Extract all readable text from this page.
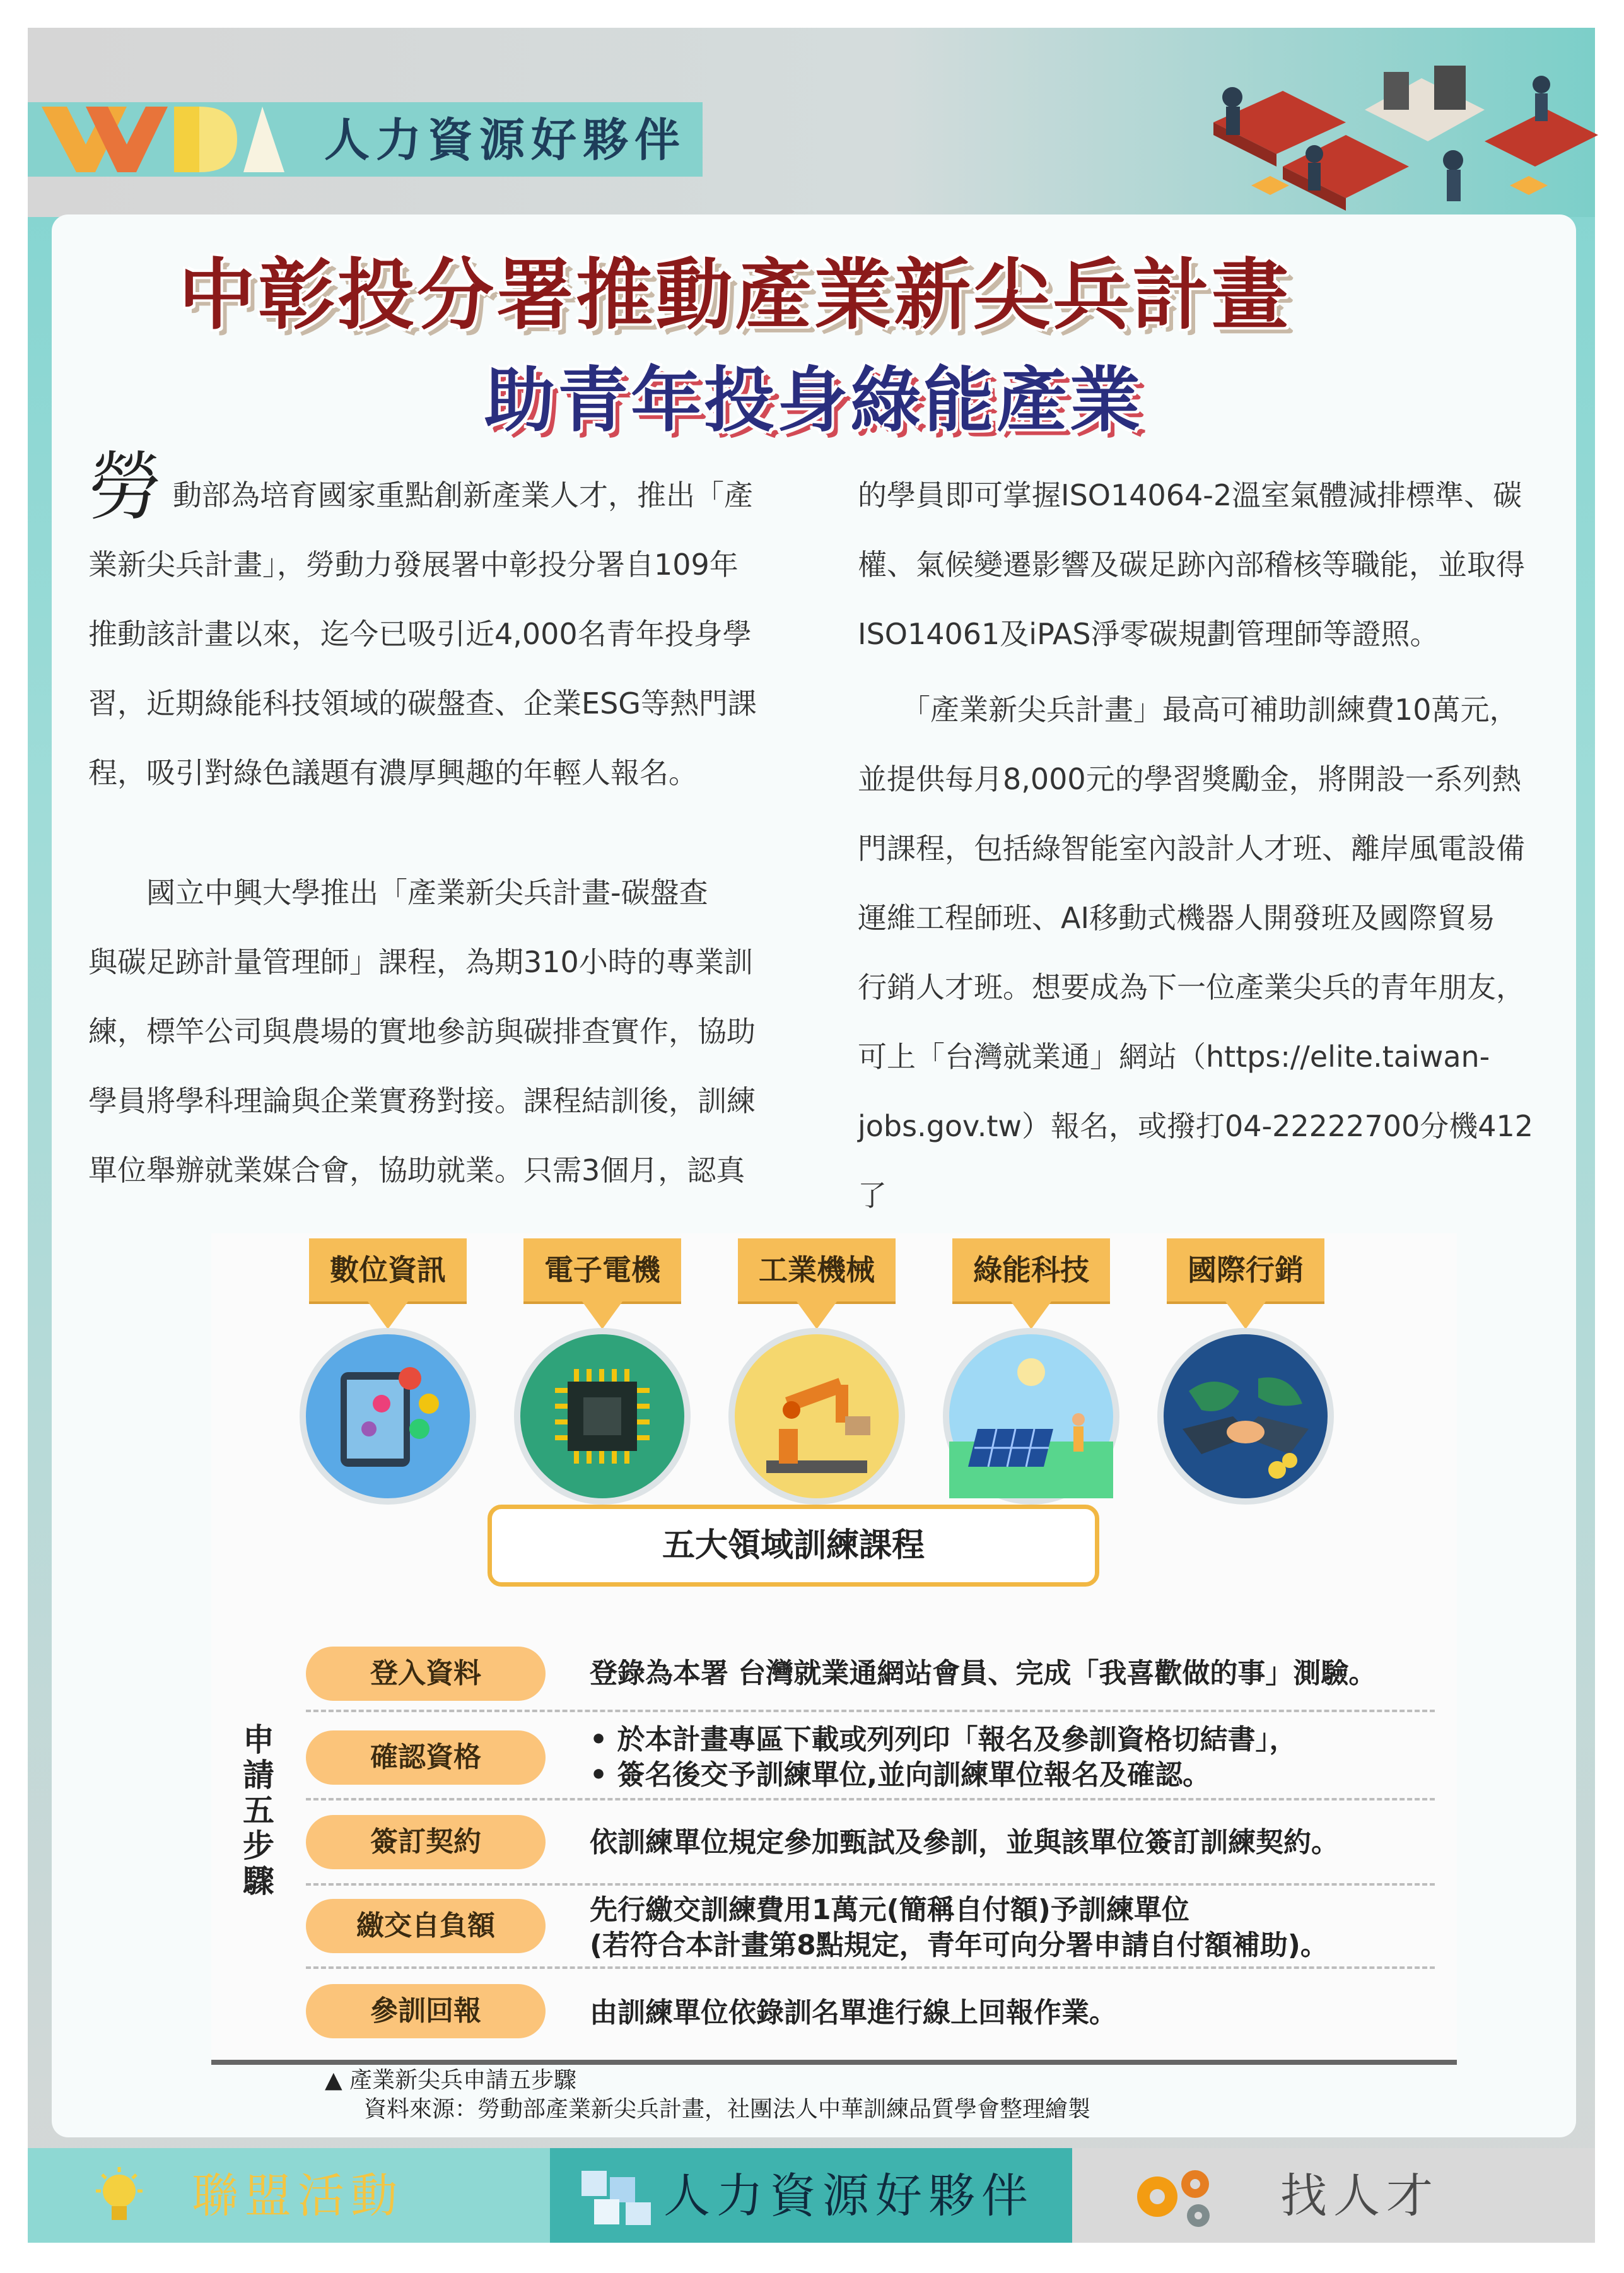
人力資源好夥伴
中彰投分署推動產業新尖兵計畫
助青年投身綠能產業

勞 動部為培育國家重點創新產業人才，推出「產
業新尖兵計畫」，勞動力發展署中彰投分署自109年
推動該計畫以來，迄今已吸引近4,000名青年投身學
習，近期綠能科技領域的碳盤查、企業ESG等熱門課
程，吸引對綠色議題有濃厚興趣的年輕人報名。

國立中興大學推出「產業新尖兵計畫-碳盤查
與碳足跡計量管理師」課程，為期310小時的專業訓
練，標竿公司與農場的實地參訪與碳排查實作，協助
學員將學科理論與企業實務對接。課程結訓後，訓練
單位舉辦就業媒合會，協助就業。只需3個月，認真

的學員即可掌握ISO14064-2溫室氣體減排標準、碳
權、氣候變遷影響及碳足跡內部稽核等職能，並取得
ISO14061及iPAS淨零碳規劃管理師等證照。

「產業新尖兵計畫」最高可補助訓練費10萬元，
並提供每月8,000元的學習獎勵金，將開設一系列熱
門課程，包括綠智能室內設計人才班、離岸風電設備
運維工程師班、AI移動式機器人開發班及國際貿易
行銷人才班。想要成為下一位產業尖兵的青年朋友，
可上「台灣就業通」網站（https://elite.taiwan-
jobs.gov.tw）報名，或撥打04-22222700分機412了

數位資訊	電子電機	工業機械	綠能科技	國際行銷
五大領域訓練課程
申請五步驟
登入資料	登錄為本署 台灣就業通網站會員、完成「我喜歡做的事」測驗。
確認資格
• 於本計畫專區下載或列列印「報名及參訓資格切結書」，
• 簽名後交予訓練單位,並向訓練單位報名及確認。
簽訂契約	依訓練單位規定參加甄試及參訓，並與該單位簽訂訓練契約。
繳交自負額	先行繳交訓練費用1萬元(簡稱自付額)予訓練單位
(若符合本計畫第8點規定，青年可向分署申請自付額補助)。
參訓回報	由訓練單位依錄訓名單進行線上回報作業。
▲ 產業新尖兵申請五步驟
資料來源：勞動部產業新尖兵計畫，社團法人中華訓練品質學會整理繪製
聯盟活動	人力資源好夥伴	找人才
